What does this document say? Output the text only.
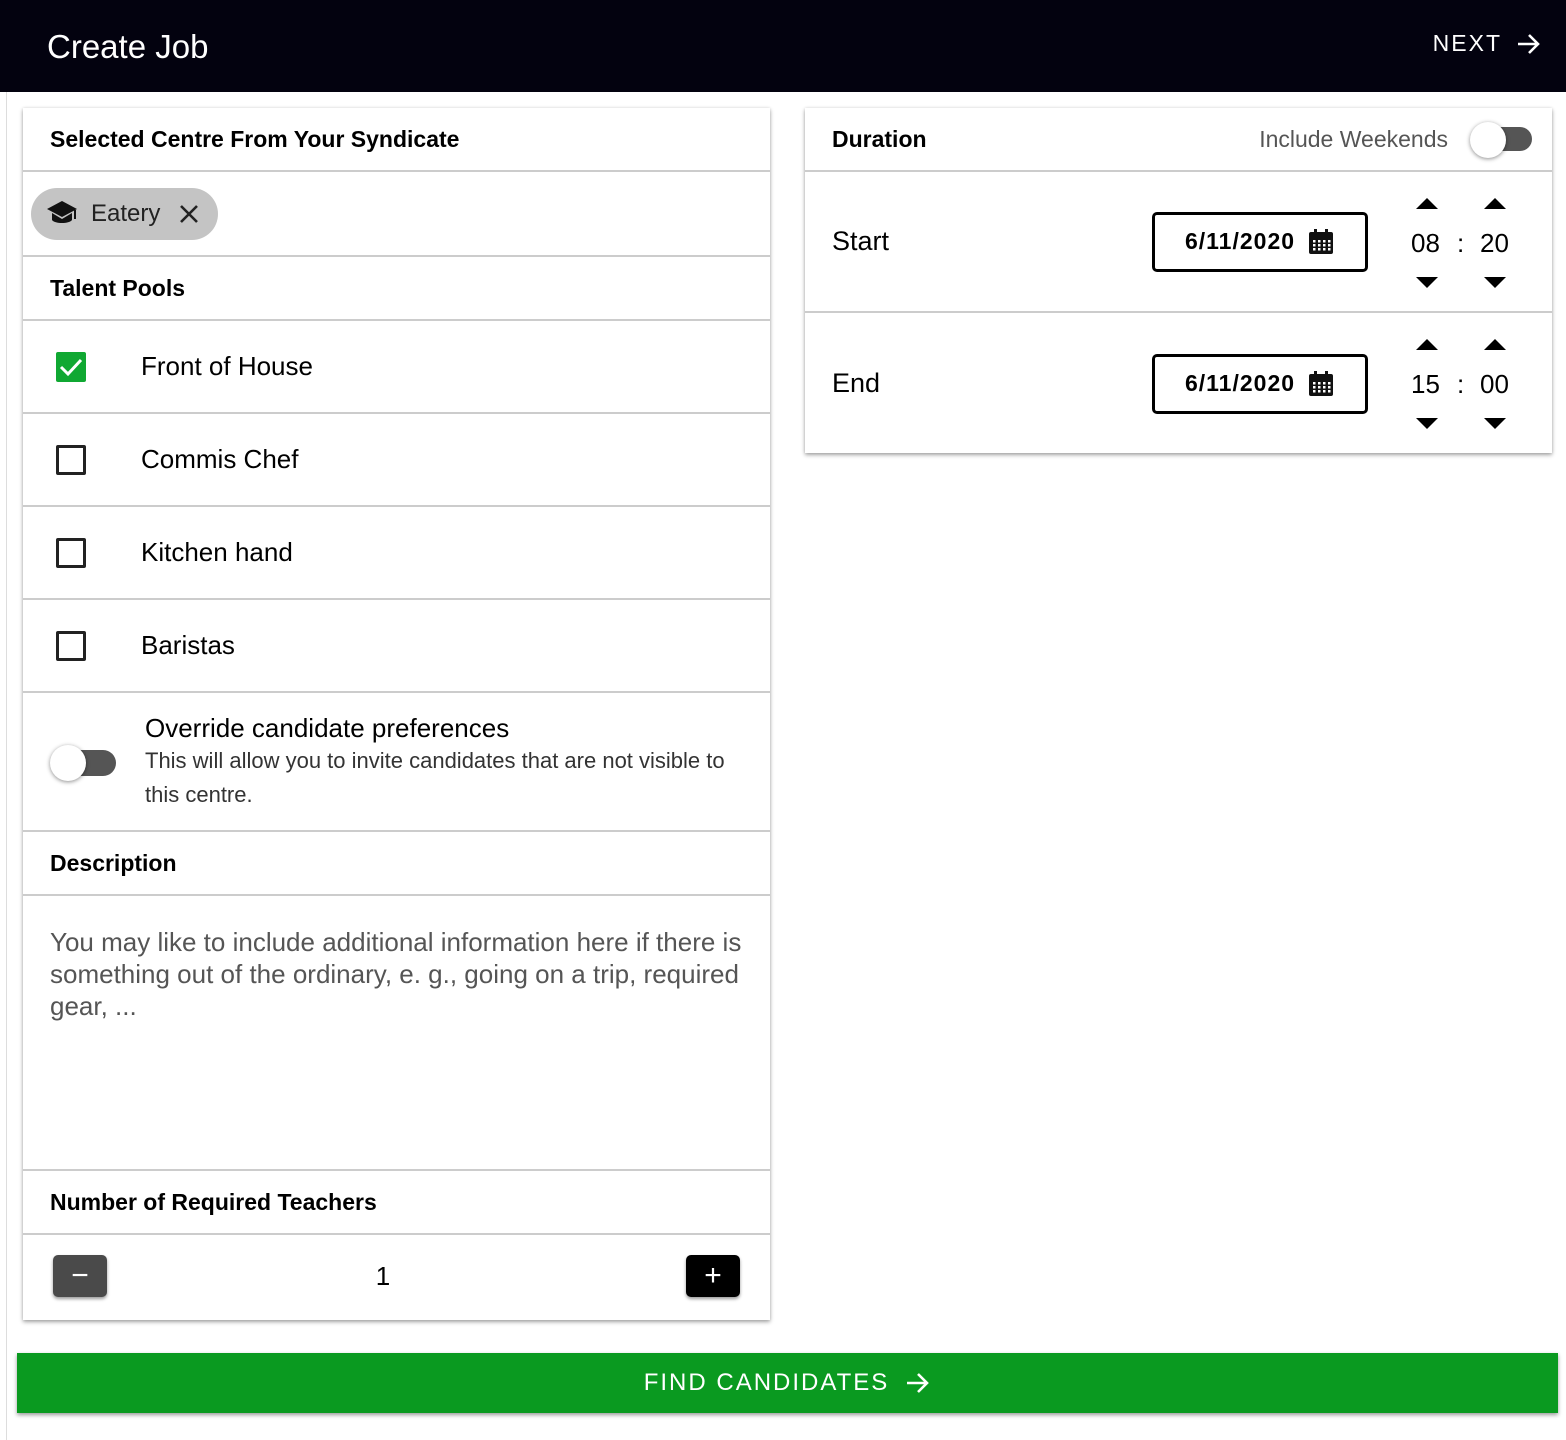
Create Job	NEXT
Selected Centre From Your Syndicate
Eatery
Talent Pools
Front of House
Commis Chef
Kitchen hand
Baristas
Override candidate preferences
This will allow you to invite candidates that are not visible to this centre.
Description
You may like to include additional information here if there is something out of the ordinary, e. g., going on a trip, required gear, ...
Number of Required Teachers
−	1	+
Duration	Include Weekends
Start	6/11/2020	08 : 20
End	6/11/2020	15 : 00
FIND CANDIDATES
